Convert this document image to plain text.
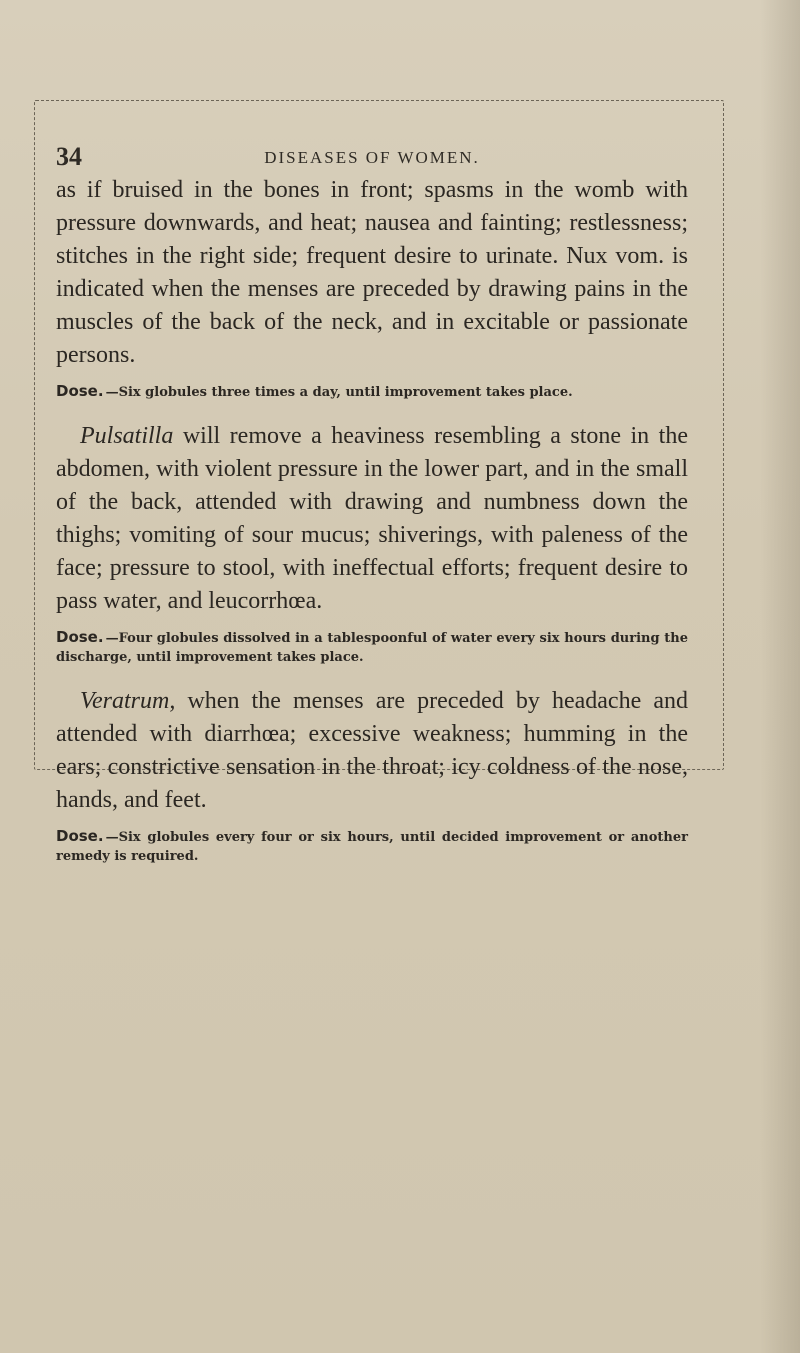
34	DISEASES OF WOMEN.

as if bruised in the bones in front; spasms in the womb with pressure downwards, and heat; nausea and fainting; restlessness; stitches in the right side; frequent desire to urinate. Nux vom. is indicated when the menses are preceded by drawing pains in the muscles of the back of the neck, and in excitable or passionate persons.

Dose. —Six globules three times a day, until improvement takes place.

Pulsatilla will remove a heaviness resembling a stone in the abdomen, with violent pressure in the lower part, and in the small of the back, attended with drawing and numbness down the thighs; vomiting of sour mucus; shiverings, with paleness of the face; pressure to stool, with ineffectual efforts; frequent desire to pass water, and leucorrhœa.

Dose. —Four globules dissolved in a tablespoonful of water every six hours during the discharge, until improvement takes place.

Veratrum, when the menses are preceded by headache and attended with diarrhœa; excessive weakness; humming in the ears; constrictive sensation in the throat; icy coldness of the nose, hands, and feet.

Dose. —Six globules every four or six hours, until decided improvement or another remedy is required.
